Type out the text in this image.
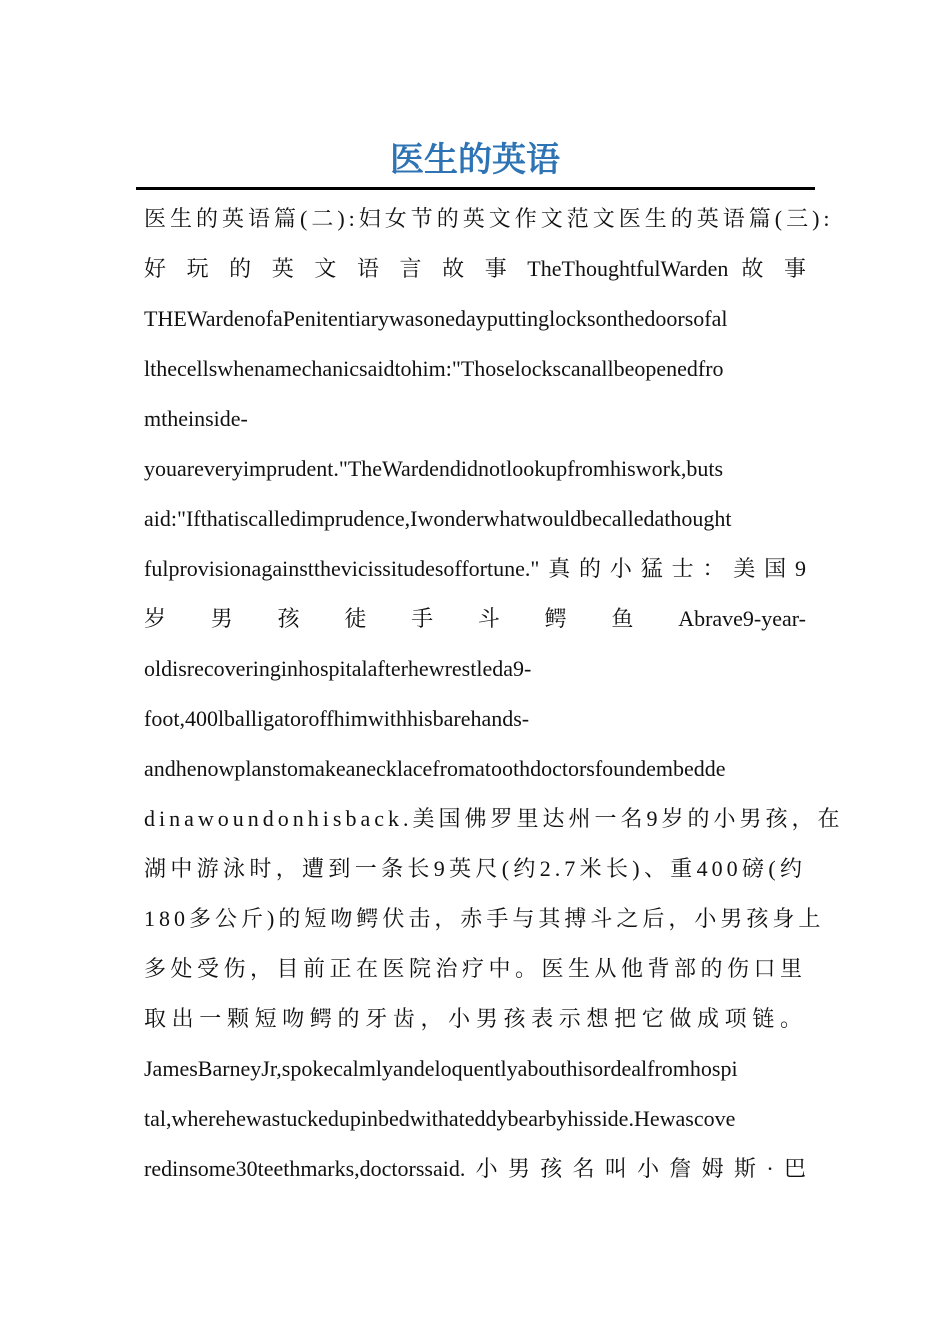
医生的英语
医生的英语篇(二):妇女节的英文作文范文医生的英语篇(三):
好 玩 的 英 文 语 言 故 事 TheThoughtfulWarden 故 事
THEWardenofaPenitentiarywasonedayputtinglocksonthedoorsofal
lthecellswhenamechanicsaidtohim:"Thoselockscanallbeopenedfro
mtheinside-
youareveryimprudent."TheWardendidnotlookupfromhiswork,buts
aid:"Ifthatiscalledimprudence,Iwonderwhatwouldbecalledathought
fulprovisionagainstthevicissitudesoffortune."真的小猛士：美国9
岁 男 孩 徒 手 斗 鳄 鱼 Abrave9-year-
oldisrecoveringinhospitalafterhewrestleda9-
foot,400lballigatoroffhimwithhisbarehands-
andhenowplanstomakeanecklacefromatoothdoctorsfoundembedde
dinawoundonhisback.美国佛罗里达州一名9岁的小男孩，在
湖中游泳时，遭到一条长9英尺(约2.7米长)、重400磅(约
180多公斤)的短吻鳄伏击，赤手与其搏斗之后，小男孩身上
多处受伤，目前正在医院治疗中。医生从他背部的伤口里
取出一颗短吻鳄的牙齿，小男孩表示想把它做成项链。
JamesBarneyJr,spokecalmlyandeloquentlyabouthisordealfromhospi
tal,wherehewastuckedupinbedwithateddybearbyhisside.Hewascove
redinsome30teethmarks,doctorssaid.小男孩名叫小詹姆斯·巴
